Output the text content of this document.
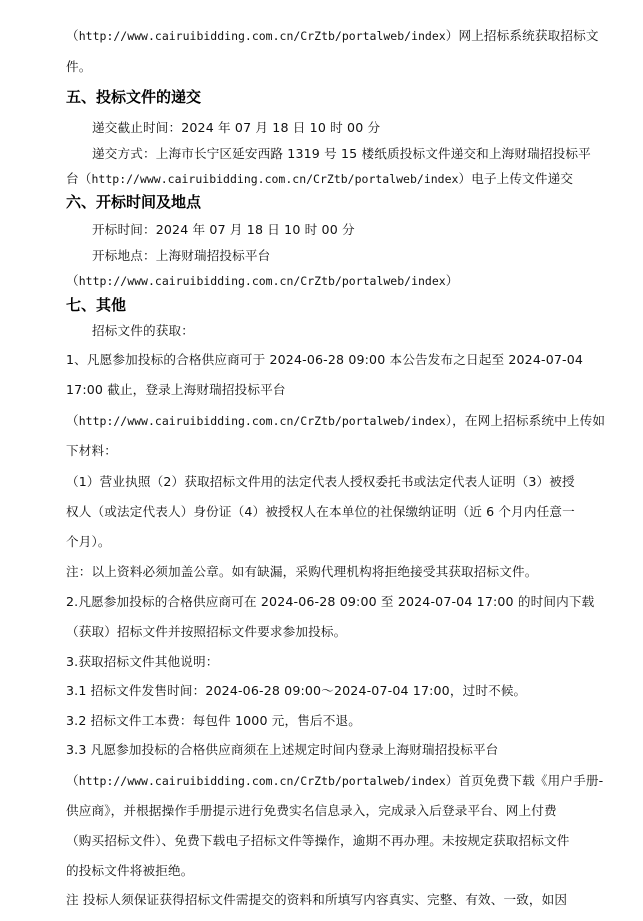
（http://www.cairuibidding.com.cn/CrZtb/portalweb/index）网上招标系统获取招标文
件。
五、投标文件的递交
递交截止时间：2024 年 07 月 18 日 10 时 00 分
递交方式：上海市长宁区延安西路 1319 号 15 楼纸质投标文件递交和上海财瑞招投标平
台（http://www.cairuibidding.com.cn/CrZtb/portalweb/index）电子上传文件递交
六、开标时间及地点
开标时间：2024 年 07 月 18 日 10 时 00 分
开标地点：上海财瑞招投标平台
（http://www.cairuibidding.com.cn/CrZtb/portalweb/index）
七、其他
招标文件的获取：
1、凡愿参加投标的合格供应商可于 2024-06-28 09:00 本公告发布之日起至 2024-07-04
17:00 截止，登录上海财瑞招投标平台
（http://www.cairuibidding.com.cn/CrZtb/portalweb/index），在网上招标系统中上传如
下材料：
（1）营业执照（2）获取招标文件用的法定代表人授权委托书或法定代表人证明（3）被授
权人（或法定代表人）身份证（4）被授权人在本单位的社保缴纳证明（近 6 个月内任意一
个月）。
注：以上资料必须加盖公章。如有缺漏，采购代理机构将拒绝接受其获取招标文件。
2.凡愿参加投标的合格供应商可在 2024-06-28 09:00 至 2024-07-04 17:00 的时间内下载
（获取）招标文件并按照招标文件要求参加投标。
3.获取招标文件其他说明：
3.1 招标文件发售时间：2024-06-28 09:00～2024-07-04 17:00，过时不候。
3.2 招标文件工本费：每包件 1000 元，售后不退。
3.3 凡愿参加投标的合格供应商须在上述规定时间内登录上海财瑞招投标平台
（http://www.cairuibidding.com.cn/CrZtb/portalweb/index）首页免费下载《用户手册-
供应商》，并根据操作手册提示进行免费实名信息录入，完成录入后登录平台、网上付费
（购买招标文件）、免费下载电子招标文件等操作，逾期不再办理。未按规定获取招标文件
的投标文件将被拒绝。
注 投标人须保证获得招标文件需提交的资料和所填写内容真实、完整、有效、一致，如因
